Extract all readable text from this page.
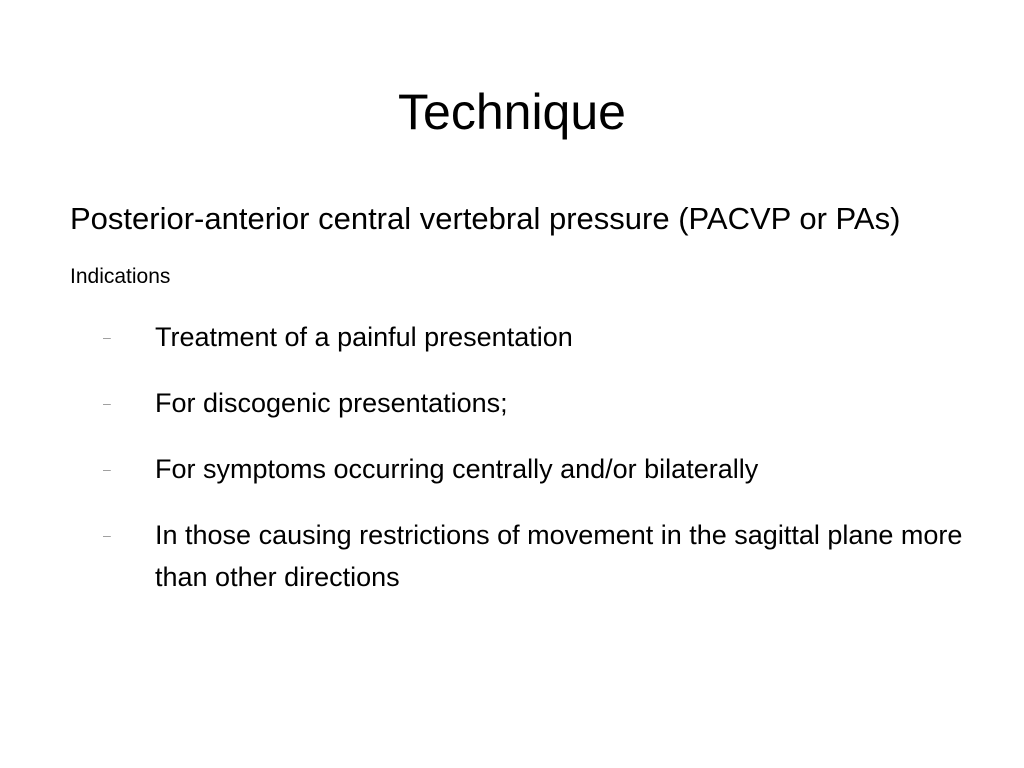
Technique

Posterior-anterior central vertebral pressure (PACVP or PAs)

Indications

– Treatment of a painful presentation
– For discogenic presentations;
– For symptoms occurring centrally and/or bilaterally
– In those causing restrictions of movement in the sagittal plane more than other directions
